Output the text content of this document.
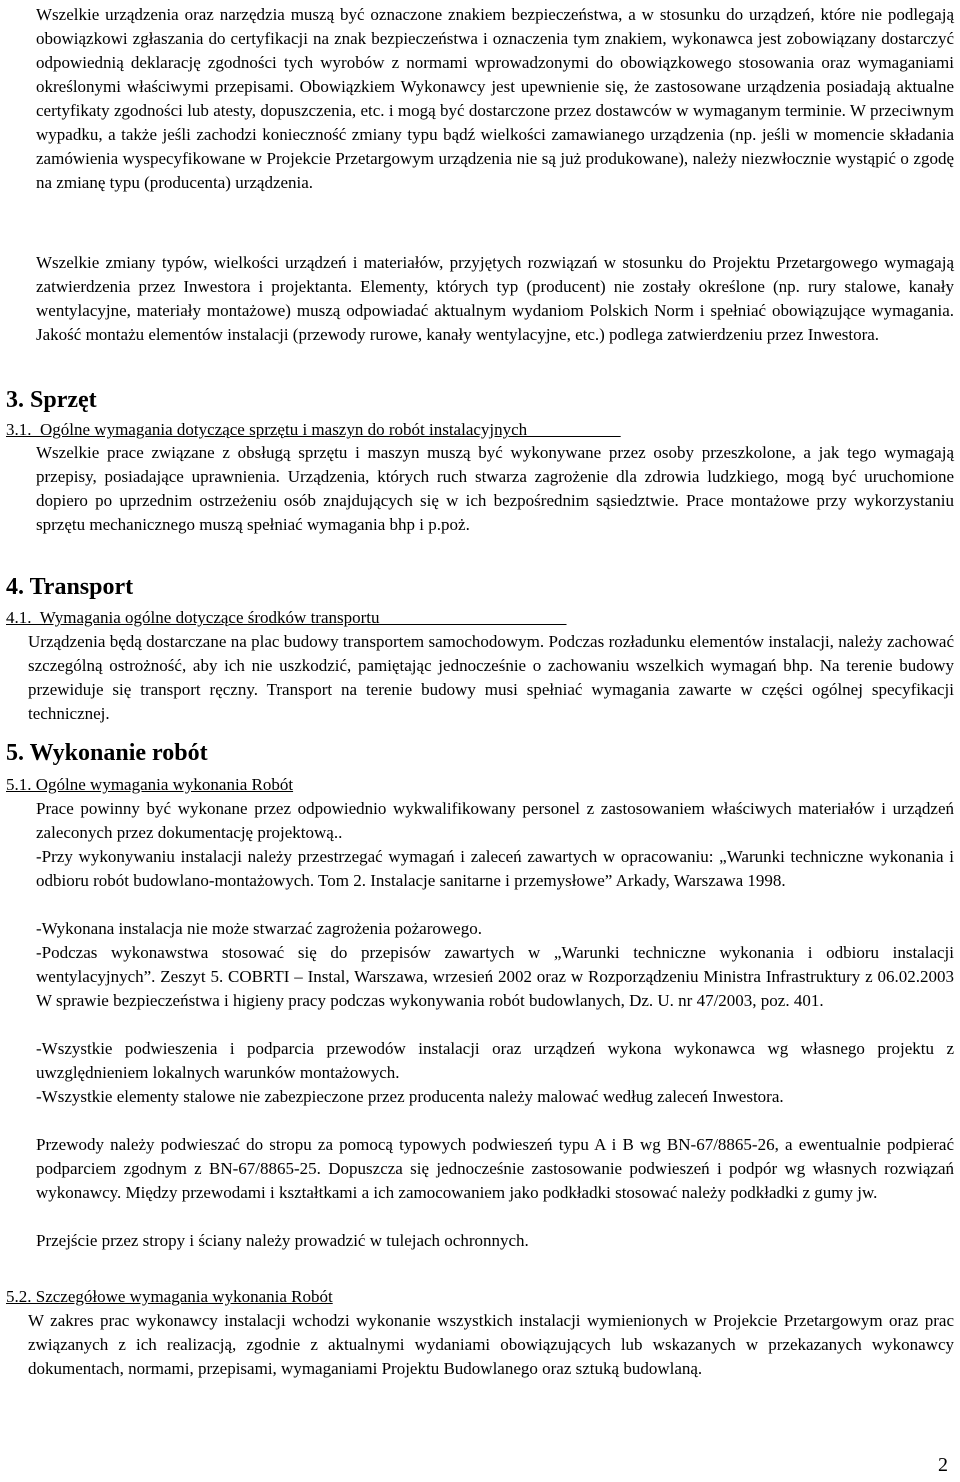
Wszelkie urządzenia oraz narzędzia muszą być oznaczone znakiem bezpieczeństwa, a w stosunku do urządzeń, które nie podlegają obowiązkowi zgłaszania do certyfikacji na znak bezpieczeństwa i oznaczenia tym znakiem, wykonawca jest zobowiązany dostarczyć odpowiednią deklarację zgodności tych wyrobów z normami wprowadzonymi do obowiązkowego stosowania oraz wymaganiami określonymi właściwymi przepisami. Obowiązkiem Wykonawcy jest upewnienie się, że zastosowane urządzenia posiadają aktualne certyfikaty zgodności lub atesty, dopuszczenia, etc. i mogą być dostarczone przez dostawców w wymaganym terminie. W przeciwnym wypadku, a także jeśli zachodzi konieczność zmiany typu bądź wielkości zamawianego urządzenia (np. jeśli w momencie składania zamówienia wyspecyfikowane w Projekcie Przetargowym urządzenia nie są już produkowane), należy niezwłocznie wystąpić o zgodę na zmianę typu (producenta) urządzenia.

Wszelkie zmiany typów, wielkości urządzeń i materiałów, przyjętych rozwiązań w stosunku do Projektu Przetargowego wymagają zatwierdzenia przez Inwestora i projektanta. Elementy, których typ (producent) nie zostały określone (np. rury stalowe, kanały wentylacyjne, materiały montażowe) muszą odpowiadać aktualnym wydaniom Polskich Norm i spełniać obowiązujące wymagania. Jakość montażu elementów instalacji (przewody rurowe, kanały wentylacyjne, etc.) podlega zatwierdzeniu przez Inwestora.

3. Sprzęt
3.1.  Ogólne wymagania dotyczące sprzętu i maszyn do robót instalacyjnych

Wszelkie prace związane z obsługą sprzętu i maszyn muszą być wykonywane przez osoby przeszkolone, a jak tego wymagają przepisy, posiadające uprawnienia. Urządzenia, których ruch stwarza zagrożenie dla zdrowia ludzkiego, mogą być uruchomione dopiero po uprzednim ostrzeżeniu osób znajdujących się w ich bezpośrednim sąsiedztwie. Prace montażowe przy wykorzystaniu sprzętu mechanicznego muszą spełniać wymagania bhp i p.poż.

4. Transport
4.1.  Wymagania ogólne dotyczące środków transportu

Urządzenia będą dostarczane na plac budowy transportem samochodowym. Podczas rozładunku elementów instalacji, należy zachować szczególną ostrożność, aby ich nie uszkodzić, pamiętając jednocześnie o zachowaniu wszelkich wymagań bhp. Na terenie budowy przewiduje się transport ręczny. Transport na terenie budowy musi spełniać wymagania zawarte w części ogólnej specyfikacji technicznej.

5. Wykonanie robót
5.1. Ogólne wymagania wykonania Robót

Prace powinny być wykonane przez odpowiednio wykwalifikowany personel z zastosowaniem właściwych materiałów i urządzeń zaleconych przez dokumentację projektową..

-Przy wykonywaniu instalacji należy przestrzegać wymagań i zaleceń zawartych w opracowaniu: „Warunki techniczne wykonania i odbioru robót budowlano-montażowych. Tom 2. Instalacje sanitarne i przemysłowe” Arkady, Warszawa 1998.

-Wykonana instalacja nie może stwarzać zagrożenia pożarowego.

-Podczas wykonawstwa stosować się do przepisów zawartych w „Warunki techniczne wykonania i odbioru instalacji wentylacyjnych”. Zeszyt 5. COBRTI – Instal, Warszawa, wrzesień 2002 oraz w Rozporządzeniu Ministra Infrastruktury z 06.02.2003 W sprawie bezpieczeństwa i higieny pracy podczas wykonywania robót budowlanych, Dz. U. nr 47/2003, poz. 401.

-Wszystkie podwieszenia i podparcia przewodów instalacji oraz urządzeń wykona wykonawca wg własnego projektu z uwzględnieniem lokalnych warunków montażowych.

-Wszystkie elementy stalowe nie zabezpieczone przez producenta należy malować według zaleceń Inwestora.

Przewody należy podwieszać do stropu za pomocą typowych podwieszeń typu A i B wg BN-67/8865-26, a ewentualnie podpierać podparciem zgodnym z BN-67/8865-25. Dopuszcza się jednocześnie zastosowanie podwieszeń i podpór wg własnych rozwiązań wykonawcy. Między przewodami i kształtkami a ich zamocowaniem jako podkładki stosować należy podkładki z gumy jw.

Przejście przez stropy i ściany należy prowadzić w tulejach ochronnych.

5.2. Szczegółowe wymagania wykonania Robót

W zakres prac wykonawcy instalacji wchodzi wykonanie wszystkich instalacji wymienionych w Projekcie Przetargowym oraz prac związanych z ich realizacją, zgodnie z aktualnymi wydaniami obowiązujących lub wskazanych w przekazanych wykonawcy dokumentach, normami, przepisami, wymaganiami Projektu Budowlanego oraz sztuką budowlaną.

2
